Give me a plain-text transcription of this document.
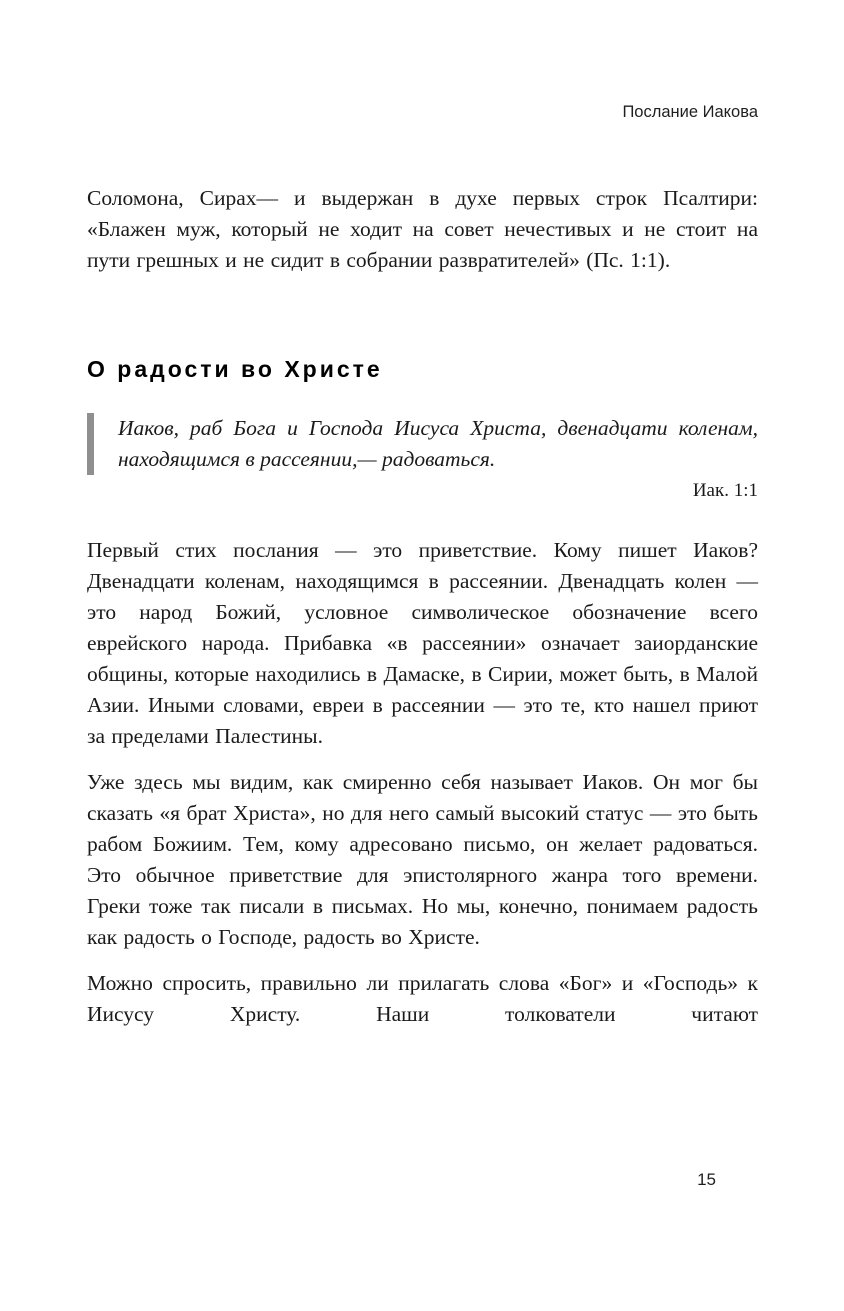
Послание Иакова

Соломона, Сирах— и выдержан в духе первых строк Псалтири: «Блажен муж, который не ходит на совет нечестивых и не стоит на пути грешных и не сидит в собрании развратителей» (Пс. 1:1).

О радости во Христе

Иаков, раб Бога и Господа Иисуса Христа, двенадцати коленам, находящимся в рассеянии,— радоваться.

Иак. 1:1

Первый стих послания — это приветствие. Кому пишет Иаков? Двенадцати коленам, находящимся в рассеянии. Двенадцать колен — это народ Божий, условное символическое обозначение всего еврейского народа. Прибавка «в рассеянии» означает заиорданские общины, которые находились в Дамаске, в Сирии, может быть, в Малой Азии. Иными словами, евреи в рассеянии — это те, кто нашел приют за пределами Палестины.

Уже здесь мы видим, как смиренно себя называет Иаков. Он мог бы сказать «я брат Христа», но для него самый высокий статус — это быть рабом Божиим. Тем, кому адресовано письмо, он желает радоваться. Это обычное приветствие для эпистолярного жанра того времени. Греки тоже так писали в письмах. Но мы, конечно, понимаем радость как радость о Господе, радость во Христе.

Можно спросить, правильно ли прилагать слова «Бог» и «Господь» к Иисусу Христу. Наши толкователи читают

15
